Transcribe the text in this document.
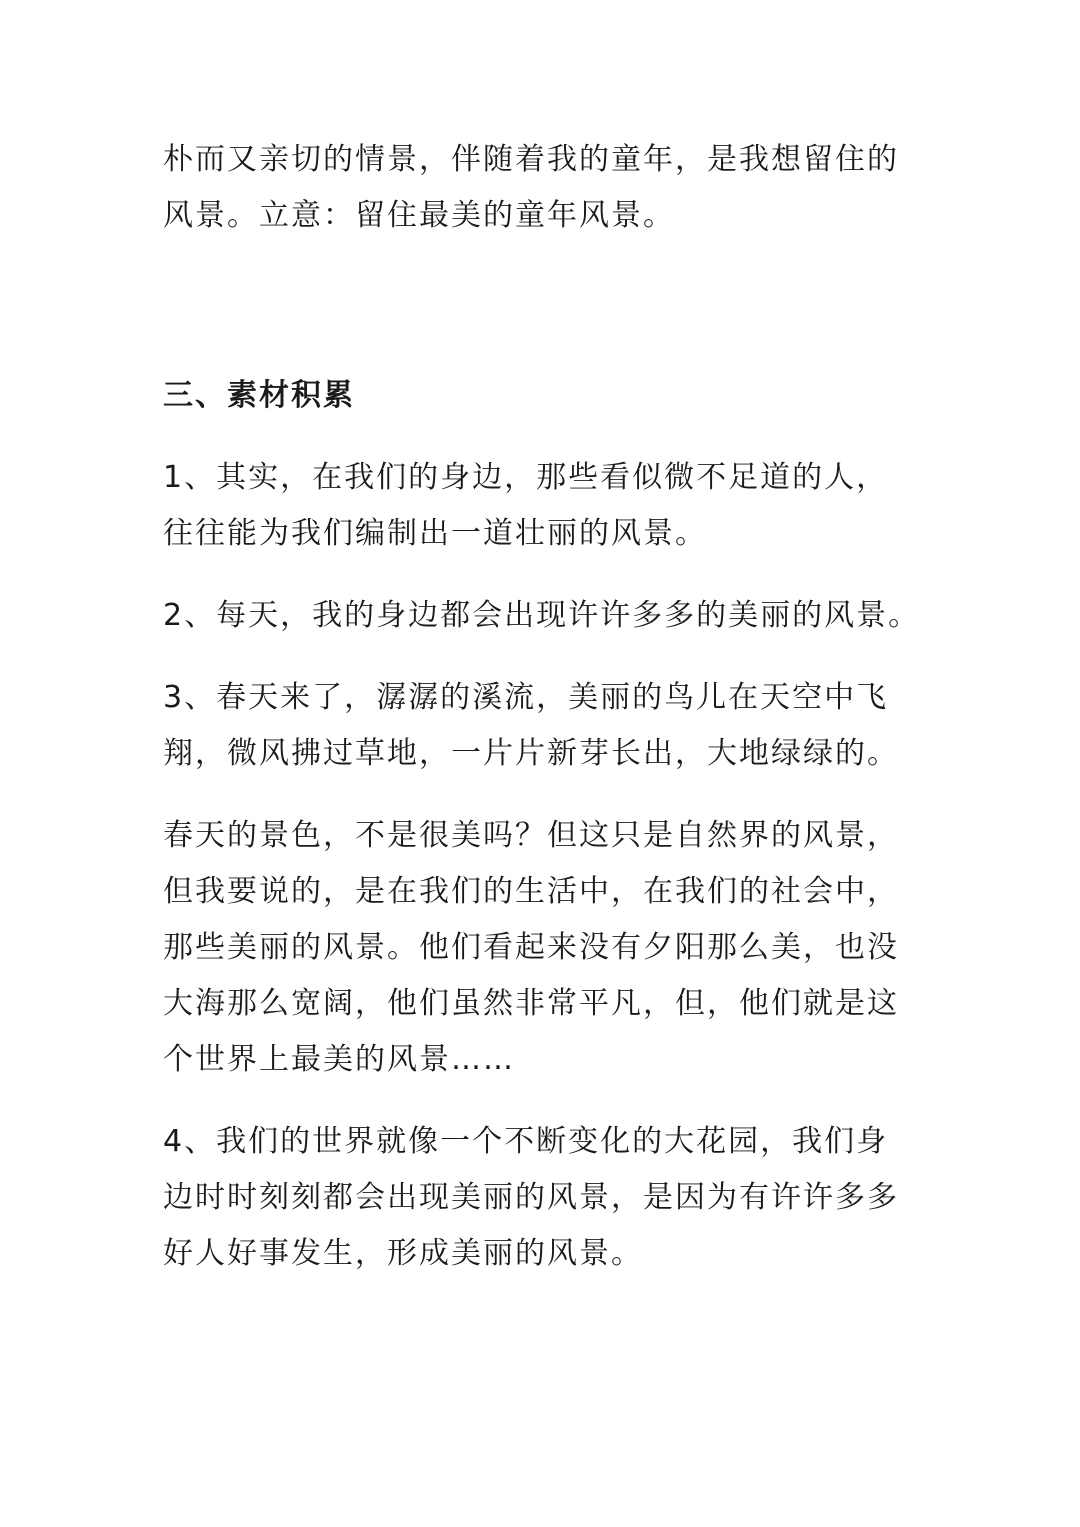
朴而又亲切的情景，伴随着我的童年，是我想留住的
风景。立意：留住最美的童年风景。

三、素材积累

1、其实，在我们的身边，那些看似微不足道的人，
往往能为我们编制出一道壮丽的风景。

2、每天，我的身边都会出现许许多多的美丽的风景。

3、春天来了，潺潺的溪流，美丽的鸟儿在天空中飞
翔，微风拂过草地，一片片新芽长出，大地绿绿的。

春天的景色，不是很美吗？但这只是自然界的风景，
但我要说的，是在我们的生活中，在我们的社会中，
那些美丽的风景。他们看起来没有夕阳那么美，也没
大海那么宽阔，他们虽然非常平凡，但，他们就是这
个世界上最美的风景……

4、我们的世界就像一个不断变化的大花园，我们身
边时时刻刻都会出现美丽的风景，是因为有许许多多
好人好事发生，形成美丽的风景。
